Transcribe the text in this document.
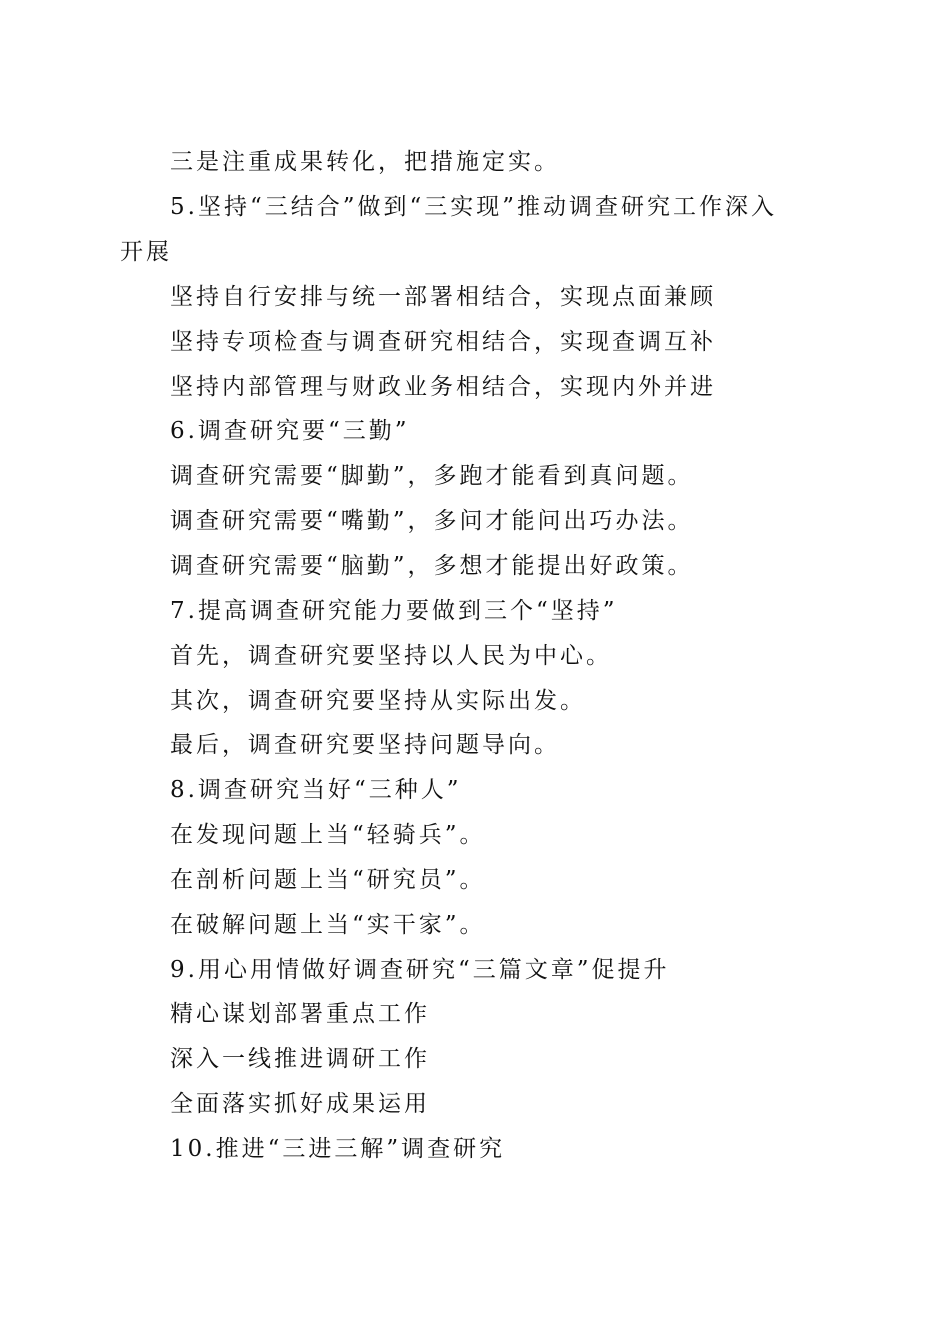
三是注重成果转化，把措施定实。
5.坚持“三结合”做到“三实现”推动调查研究工作深入
开展
坚持自行安排与统一部署相结合，实现点面兼顾
坚持专项检查与调查研究相结合，实现查调互补
坚持内部管理与财政业务相结合，实现内外并进
6.调查研究要“三勤”
调查研究需要“脚勤”，多跑才能看到真问题。
调查研究需要“嘴勤”，多问才能问出巧办法。
调查研究需要“脑勤”，多想才能提出好政策。
7.提高调查研究能力要做到三个“坚持”
首先，调查研究要坚持以人民为中心。
其次，调查研究要坚持从实际出发。
最后，调查研究要坚持问题导向。
8.调查研究当好“三种人”
在发现问题上当“轻骑兵”。
在剖析问题上当“研究员”。
在破解问题上当“实干家”。
9.用心用情做好调查研究“三篇文章”促提升
精心谋划部署重点工作
深入一线推进调研工作
全面落实抓好成果运用
10.推进“三进三解”调查研究
